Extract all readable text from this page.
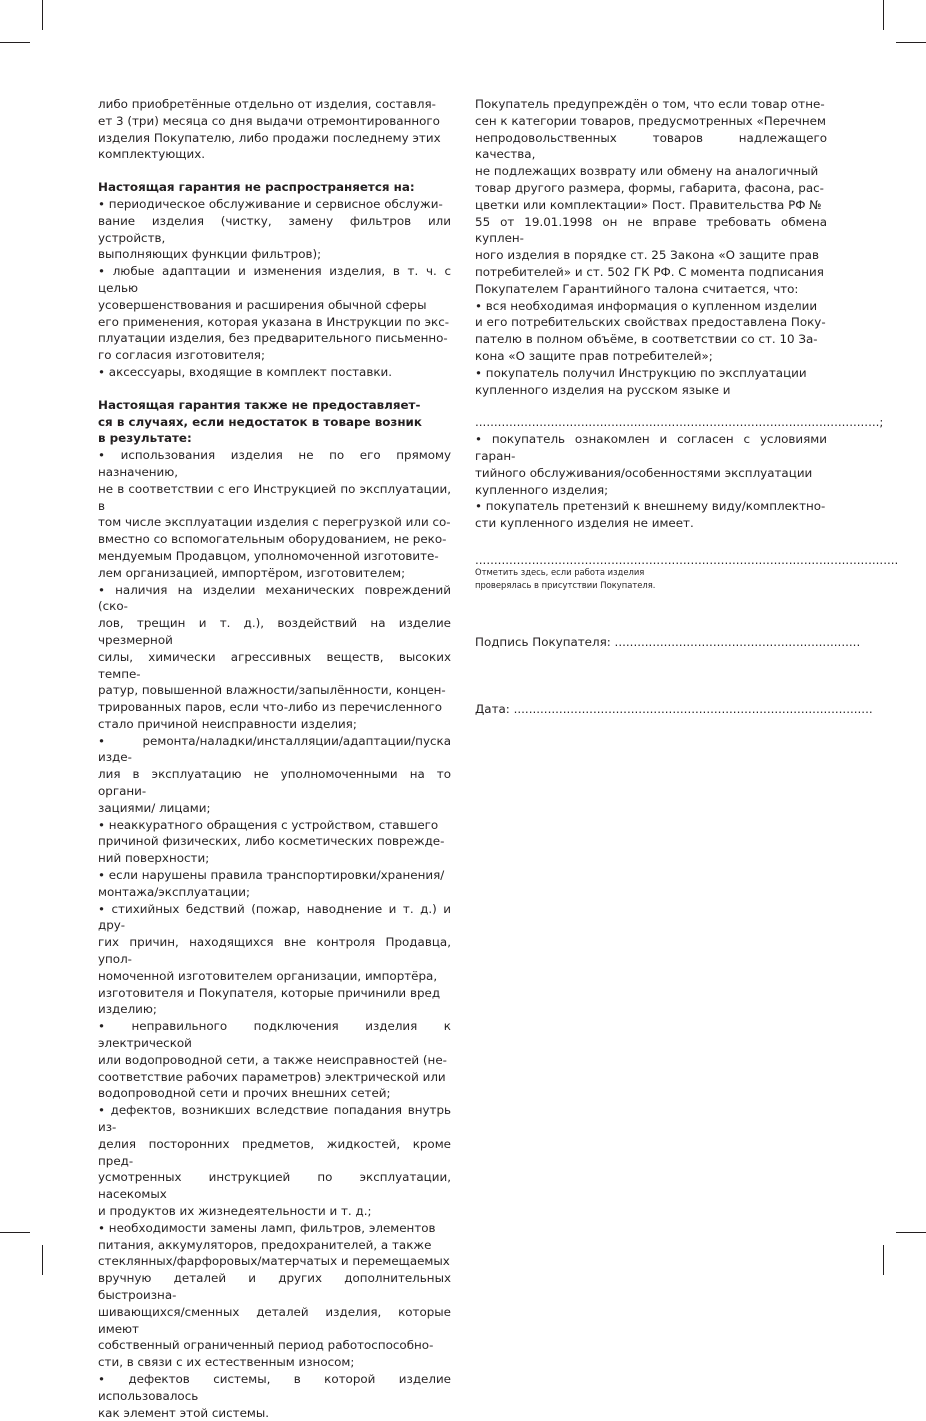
либо приобретённые отдельно от изделия, составля-

ет 3 (три) месяца со дня выдачи отремонтированного

изделия Покупателю, либо продажи последнему этих

комплектующих.

Настоящая гарантия не распространяется на:

• периодическое обслуживание и сервисное обслужи-

вание изделия (чистку, замену фильтров или устройств,

выполняющих функции фильтров);

• любые адаптации и изменения изделия, в т. ч. с целью

усовершенствования и расширения обычной сферы

его применения, которая указана в Инструкции по экс-

плуатации изделия, без предварительного письменно-

го согласия изготовителя;

• аксессуары, входящие в комплект поставки.

Настоящая гарантия также не предоставляет-

ся в случаях, если недостаток в товаре возник

в результате:

• использования изделия не по его прямому назначению,

не в соответствии с его Инструкцией по эксплуатации, в

том числе эксплуатации изделия с перегрузкой или со-

вместно со вспомогательным оборудованием, не реко-

мендуемым Продавцом, уполномоченной изготовите-

лем организацией, импортёром, изготовителем;

• наличия на изделии механических повреждений (ско-

лов, трещин и т. д.), воздействий на изделие чрезмерной

силы, химически агрессивных веществ, высоких темпе-

ратур, повышенной влажности/запылённости, концен-

трированных паров, если что-либо из перечисленного

стало причиной неисправности изделия;

• ремонта/наладки/инсталляции/адаптации/пуска изде-

лия в эксплуатацию не уполномоченными на то органи-

зациями/ лицами;

• неаккуратного обращения с устройством, ставшего

причиной физических, либо косметических поврежде-

ний поверхности;

• если нарушены правила транспортировки/хранения/

монтажа/эксплуатации;

• стихийных бедствий (пожар, наводнение и т. д.) и дру-

гих причин, находящихся вне контроля Продавца, упол-

номоченной изготовителем организации, импортёра,

изготовителя и Покупателя, которые причинили вред

изделию;

• неправильного подключения изделия к электрической

или водопроводной сети, а также неисправностей (не-

соответствие рабочих параметров) электрической или

водопроводной сети и прочих внешних сетей;

• дефектов, возникших вследствие попадания внутрь из-

делия посторонних предметов, жидкостей, кроме пред-

усмотренных инструкцией по эксплуатации, насекомых

и продуктов их жизнедеятельности и т. д.;

• необходимости замены ламп, фильтров, элементов

питания, аккумуляторов, предохранителей, а также

стеклянных/фарфоровых/матерчатых и перемещаемых

вручную деталей и других дополнительных быстроизна-

шивающихся/сменных деталей изделия, которые имеют

собственный ограниченный период работоспособно-

сти, в связи с их естественным износом;

• дефектов системы, в которой изделие использовалось

как элемент этой системы.

Покупатель предупреждён о том, что если товар отне-

сен к категории товаров, предусмотренных «Перечнем

непродовольственных товаров надлежащего качества,

не подлежащих возврату или обмену на аналогичный

товар другого размера, формы, габарита, фасона, рас-

цветки или комплектации» Пост. Правительства РФ №

55 от 19.01.1998 он не вправе требовать обмена куплен-

ного изделия в порядке ст. 25 Закона «О защите прав

потребителей» и ст. 502 ГК РФ. С момента подписания

Покупателем Гарантийного талона считается, что:

• вся необходимая информация о купленном изделии

и его потребительских свойствах предоставлена Поку-

пателю в полном объёме, в соответствии со ст. 10 За-

кона «О защите прав потребителей»;

• покупатель получил Инструкцию по эксплуатации

купленного изделия на русском языке и

...........................................................................................................;

• покупатель ознакомлен и согласен с условиями гаран-

тийного обслуживания/особенностями эксплуатации

купленного изделия;

• покупатель претензий к внешнему виду/комплектно-

сти купленного изделия не имеет.

................................................................................................................

Отметить здесь, если работа изделия

проверялась в присутствии Покупателя.

Подпись Покупателя: .................................................................
Дата: ...............................................................................................
